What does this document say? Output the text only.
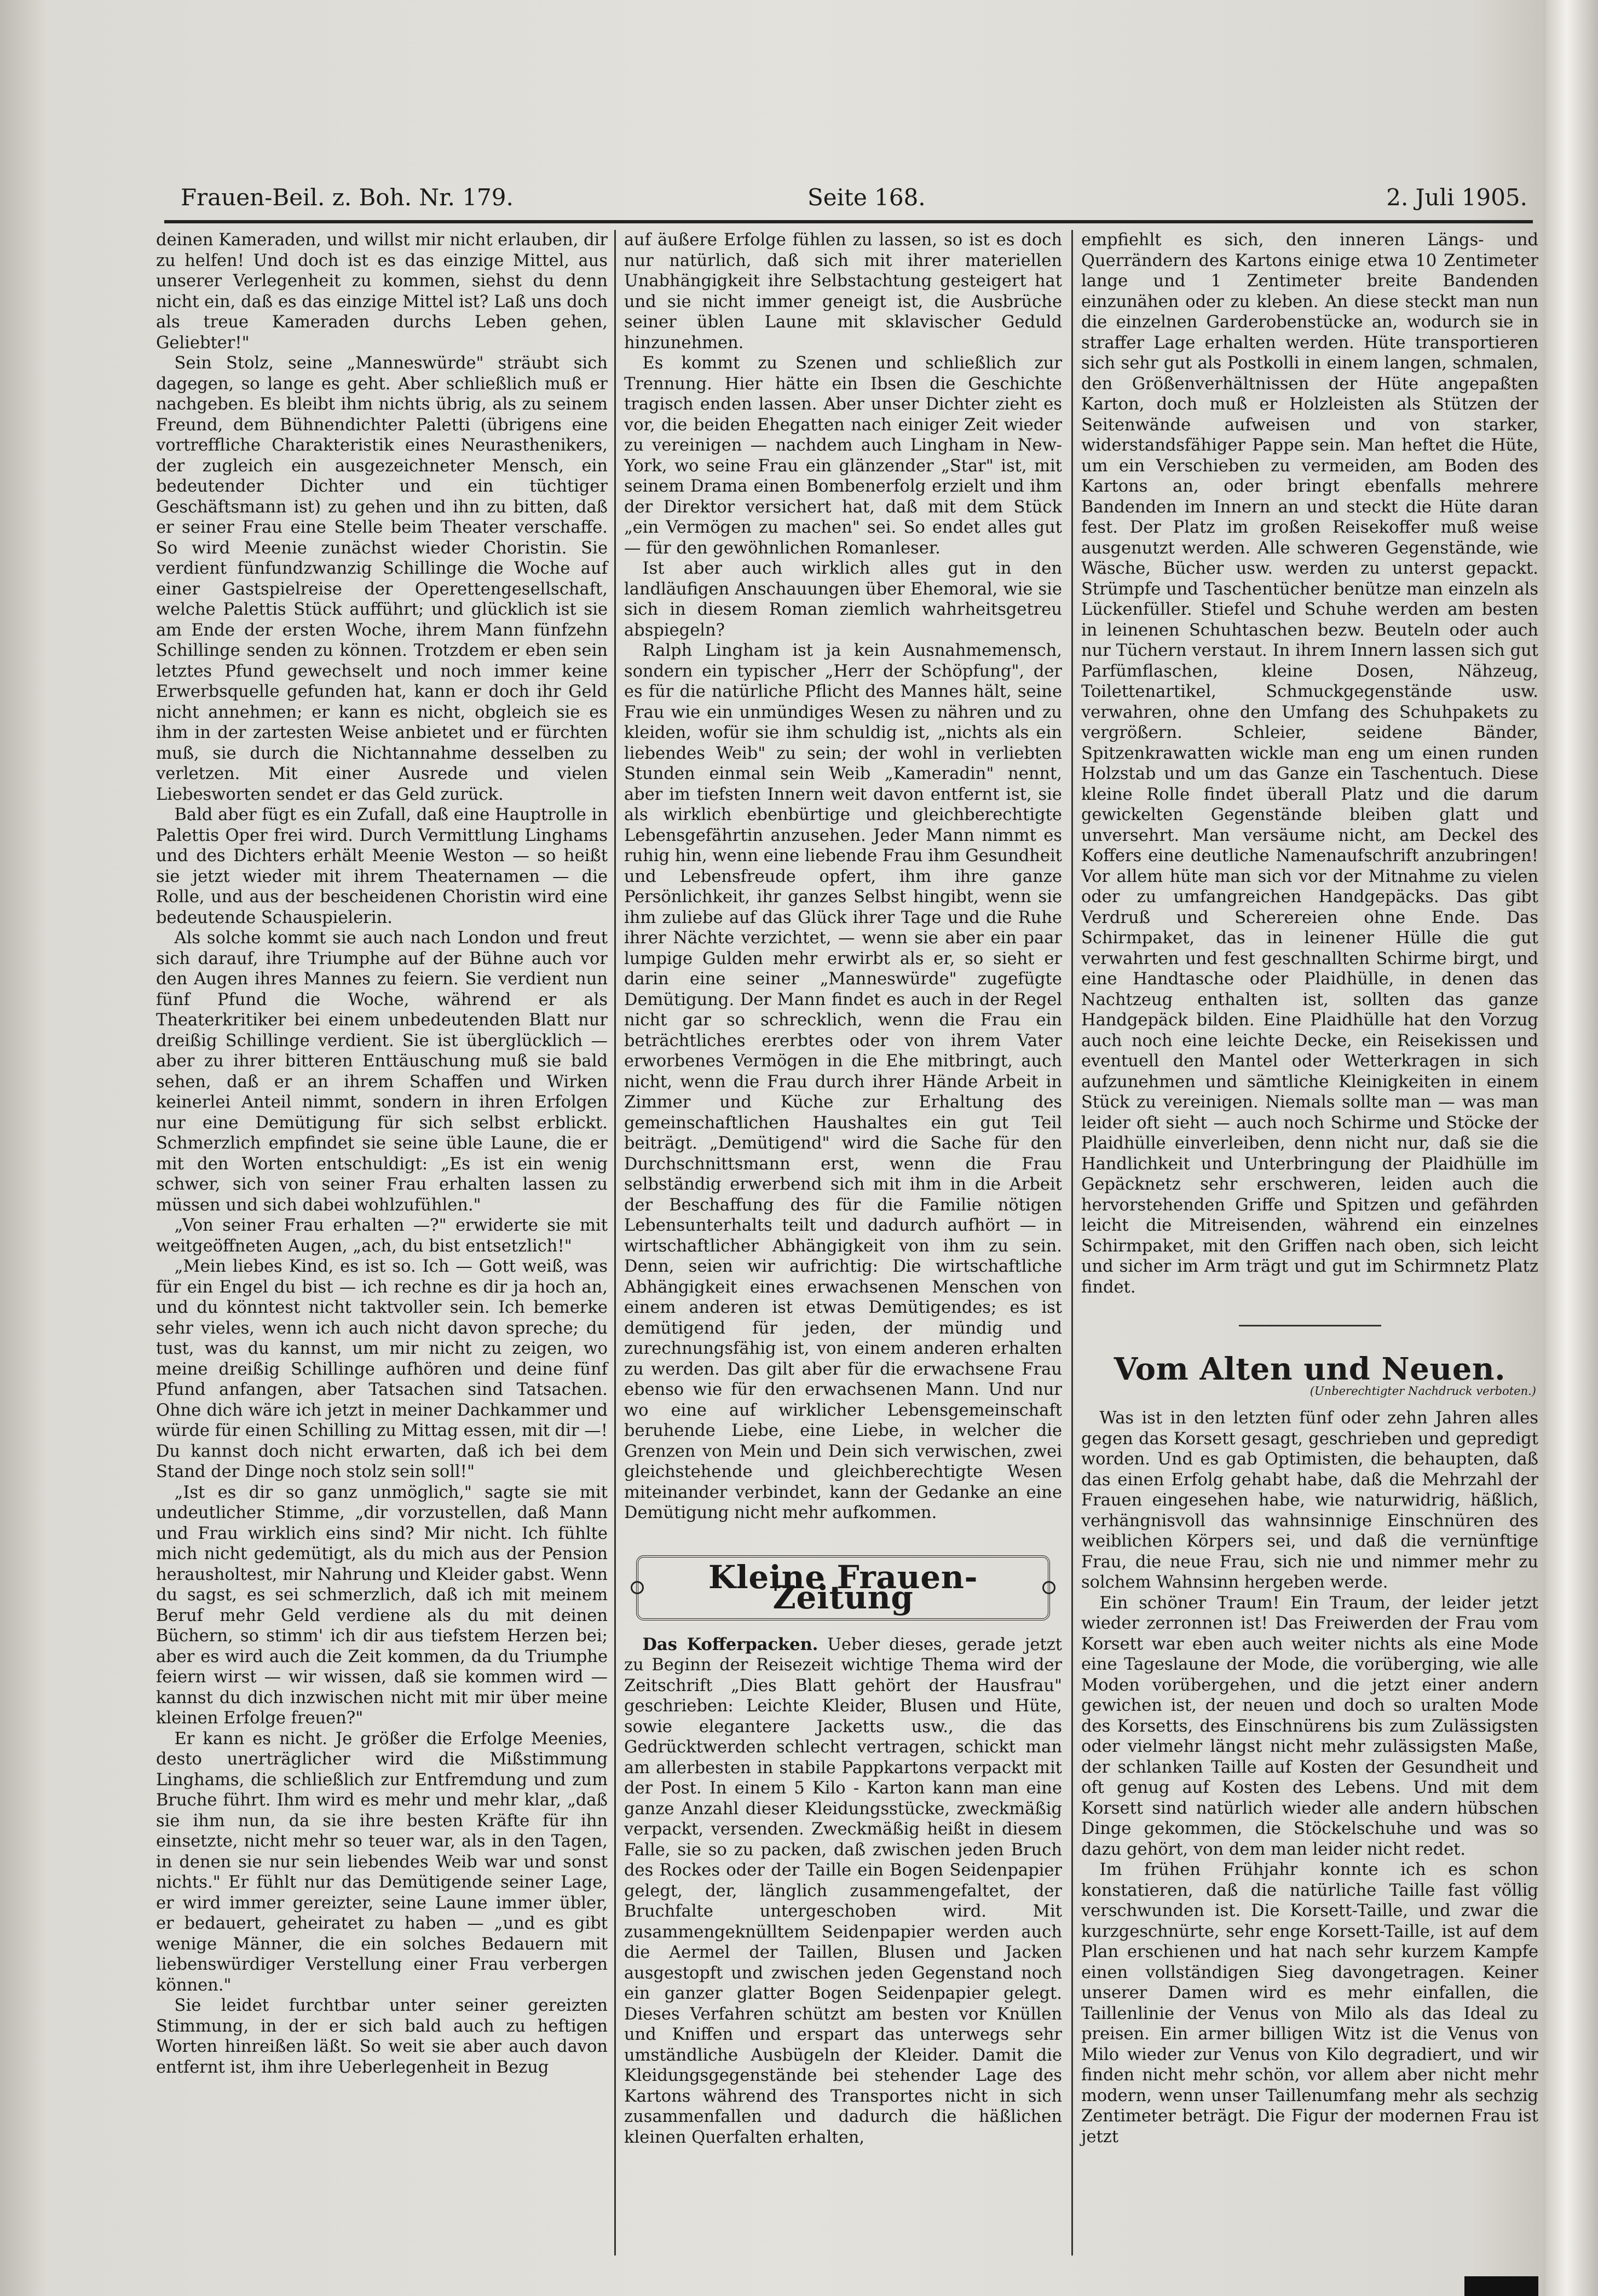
Frauen-Beil. z. Boh. Nr. 179.	Seite 168.	2. Juli 1905.

deinen Kameraden, und willst mir nicht erlauben, dir zu helfen! Und doch ist es das einzige Mittel, aus unserer Verlegenheit zu kommen, siehst du denn nicht ein, daß es das einzige Mittel ist? Laß uns doch als treue Kameraden durchs Leben gehen, Geliebter!"

Sein Stolz, seine „Manneswürde" sträubt sich dagegen, so lange es geht. Aber schließlich muß er nachgeben. Es bleibt ihm nichts übrig, als zu seinem Freund, dem Bühnendichter Paletti (übrigens eine vortreffliche Charakteristik eines Neurasthenikers, der zugleich ein ausgezeichneter Mensch, ein bedeutender Dichter und ein tüchtiger Geschäftsmann ist) zu gehen und ihn zu bitten, daß er seiner Frau eine Stelle beim Theater verschaffe. So wird Meenie zunächst wieder Choristin. Sie verdient fünfundzwanzig Schillinge die Woche auf einer Gastspielreise der Operettengesellschaft, welche Palettis Stück aufführt; und glücklich ist sie am Ende der ersten Woche, ihrem Mann fünfzehn Schillinge senden zu können. Trotzdem er eben sein letztes Pfund gewechselt und noch immer keine Erwerbsquelle gefunden hat, kann er doch ihr Geld nicht annehmen; er kann es nicht, obgleich sie es ihm in der zartesten Weise anbietet und er fürchten muß, sie durch die Nichtannahme desselben zu verletzen. Mit einer Ausrede und vielen Liebesworten sendet er das Geld zurück.

Bald aber fügt es ein Zufall, daß eine Hauptrolle in Palettis Oper frei wird. Durch Vermittlung Linghams und des Dichters erhält Meenie Weston — so heißt sie jetzt wieder mit ihrem Theaternamen — die Rolle, und aus der bescheidenen Choristin wird eine bedeutende Schauspielerin.

Als solche kommt sie auch nach London und freut sich darauf, ihre Triumphe auf der Bühne auch vor den Augen ihres Mannes zu feiern. Sie verdient nun fünf Pfund die Woche, während er als Theaterkritiker bei einem unbedeutenden Blatt nur dreißig Schillinge verdient. Sie ist überglücklich — aber zu ihrer bitteren Enttäuschung muß sie bald sehen, daß er an ihrem Schaffen und Wirken keinerlei Anteil nimmt, sondern in ihren Erfolgen nur eine Demütigung für sich selbst erblickt. Schmerzlich empfindet sie seine üble Laune, die er mit den Worten entschuldigt: „Es ist ein wenig schwer, sich von seiner Frau erhalten lassen zu müssen und sich dabei wohlzufühlen."

„Von seiner Frau erhalten —?" erwiderte sie mit weitgeöffneten Augen, „ach, du bist entsetzlich!"

„Mein liebes Kind, es ist so. Ich — Gott weiß, was für ein Engel du bist — ich rechne es dir ja hoch an, und du könntest nicht taktvoller sein. Ich bemerke sehr vieles, wenn ich auch nicht davon spreche; du tust, was du kannst, um mir nicht zu zeigen, wo meine dreißig Schillinge aufhören und deine fünf Pfund anfangen, aber Tatsachen sind Tatsachen. Ohne dich wäre ich jetzt in meiner Dachkammer und würde für einen Schilling zu Mittag essen, mit dir —! Du kannst doch nicht erwarten, daß ich bei dem Stand der Dinge noch stolz sein soll!"

„Ist es dir so ganz unmöglich," sagte sie mit undeutlicher Stimme, „dir vorzustellen, daß Mann und Frau wirklich eins sind? Mir nicht. Ich fühlte mich nicht gedemütigt, als du mich aus der Pension herausholtest, mir Nahrung und Kleider gabst. Wenn du sagst, es sei schmerzlich, daß ich mit meinem Beruf mehr Geld verdiene als du mit deinen Büchern, so stimm' ich dir aus tiefstem Herzen bei; aber es wird auch die Zeit kommen, da du Triumphe feiern wirst — wir wissen, daß sie kommen wird — kannst du dich inzwischen nicht mit mir über meine kleinen Erfolge freuen?"

Er kann es nicht. Je größer die Erfolge Meenies, desto unerträglicher wird die Mißstimmung Linghams, die schließlich zur Entfremdung und zum Bruche führt. Ihm wird es mehr und mehr klar, „daß sie ihm nun, da sie ihre besten Kräfte für ihn einsetzte, nicht mehr so teuer war, als in den Tagen, in denen sie nur sein liebendes Weib war und sonst nichts." Er fühlt nur das Demütigende seiner Lage, er wird immer gereizter, seine Laune immer übler, er bedauert, geheiratet zu haben — „und es gibt wenige Männer, die ein solches Bedauern mit liebenswürdiger Verstellung einer Frau verbergen können."

Sie leidet furchtbar unter seiner gereizten Stimmung, in der er sich bald auch zu heftigen Worten hinreißen läßt. So weit sie aber auch davon entfernt ist, ihm ihre Ueberlegenheit in Bezug

auf äußere Erfolge fühlen zu lassen, so ist es doch nur natürlich, daß sich mit ihrer materiellen Unabhängigkeit ihre Selbstachtung gesteigert hat und sie nicht immer geneigt ist, die Ausbrüche seiner üblen Laune mit sklavischer Geduld hinzunehmen.

Es kommt zu Szenen und schließlich zur Trennung. Hier hätte ein Ibsen die Geschichte tragisch enden lassen. Aber unser Dichter zieht es vor, die beiden Ehegatten nach einiger Zeit wieder zu vereinigen — nachdem auch Lingham in New-York, wo seine Frau ein glänzender „Star" ist, mit seinem Drama einen Bombenerfolg erzielt und ihm der Direktor versichert hat, daß mit dem Stück „ein Vermögen zu machen" sei. So endet alles gut — für den gewöhnlichen Romanleser.

Ist aber auch wirklich alles gut in den landläufigen Anschauungen über Ehemoral, wie sie sich in diesem Roman ziemlich wahrheitsgetreu abspiegeln?

Ralph Lingham ist ja kein Ausnahmemensch, sondern ein typischer „Herr der Schöpfung", der es für die natürliche Pflicht des Mannes hält, seine Frau wie ein unmündiges Wesen zu nähren und zu kleiden, wofür sie ihm schuldig ist, „nichts als ein liebendes Weib" zu sein; der wohl in verliebten Stunden einmal sein Weib „Kameradin" nennt, aber im tiefsten Innern weit davon entfernt ist, sie als wirklich ebenbürtige und gleichberechtigte Lebensgefährtin anzusehen. Jeder Mann nimmt es ruhig hin, wenn eine liebende Frau ihm Gesundheit und Lebensfreude opfert, ihm ihre ganze Persönlichkeit, ihr ganzes Selbst hingibt, wenn sie ihm zuliebe auf das Glück ihrer Tage und die Ruhe ihrer Nächte verzichtet, — wenn sie aber ein paar lumpige Gulden mehr erwirbt als er, so sieht er darin eine seiner „Manneswürde" zugefügte Demütigung. Der Mann findet es auch in der Regel nicht gar so schrecklich, wenn die Frau ein beträchtliches ererbtes oder von ihrem Vater erworbenes Vermögen in die Ehe mitbringt, auch nicht, wenn die Frau durch ihrer Hände Arbeit in Zimmer und Küche zur Erhaltung des gemeinschaftlichen Haushaltes ein gut Teil beiträgt. „Demütigend" wird die Sache für den Durchschnittsmann erst, wenn die Frau selbständig erwerbend sich mit ihm in die Arbeit der Beschaffung des für die Familie nötigen Lebensunterhalts teilt und dadurch aufhört — in wirtschaftlicher Abhängigkeit von ihm zu sein. Denn, seien wir aufrichtig: Die wirtschaftliche Abhängigkeit eines erwachsenen Menschen von einem anderen ist etwas Demütigendes; es ist demütigend für jeden, der mündig und zurechnungsfähig ist, von einem anderen erhalten zu werden. Das gilt aber für die erwachsene Frau ebenso wie für den erwachsenen Mann. Und nur wo eine auf wirklicher Lebensgemeinschaft beruhende Liebe, eine Liebe, in welcher die Grenzen von Mein und Dein sich verwischen, zwei gleichstehende und gleichberechtigte Wesen miteinander verbindet, kann der Gedanke an eine Demütigung nicht mehr aufkommen.

Kleine Frauen-Zeitung

Das Kofferpacken. Ueber dieses, gerade jetzt zu Beginn der Reisezeit wichtige Thema wird der Zeitschrift „Dies Blatt gehört der Hausfrau" geschrieben: Leichte Kleider, Blusen und Hüte, sowie elegantere Jacketts usw., die das Gedrücktwerden schlecht vertragen, schickt man am allerbesten in stabile Pappkartons verpackt mit der Post. In einem 5 Kilo - Karton kann man eine ganze Anzahl dieser Kleidungsstücke, zweckmäßig verpackt, versenden. Zweckmäßig heißt in diesem Falle, sie so zu packen, daß zwischen jeden Bruch des Rockes oder der Taille ein Bogen Seidenpapier gelegt, der, länglich zusammengefaltet, der Bruchfalte untergeschoben wird. Mit zusammengeknülltem Seidenpapier werden auch die Aermel der Taillen, Blusen und Jacken ausgestopft und zwischen jeden Gegenstand noch ein ganzer glatter Bogen Seidenpapier gelegt. Dieses Verfahren schützt am besten vor Knüllen und Kniffen und erspart das unterwegs sehr umständliche Ausbügeln der Kleider. Damit die Kleidungsgegenstände bei stehender Lage des Kartons während des Transportes nicht in sich zusammenfallen und dadurch die häßlichen kleinen Querfalten erhalten,

empfiehlt es sich, den inneren Längs- und Querrändern des Kartons einige etwa 10 Zentimeter lange und 1 Zentimeter breite Bandenden einzunähen oder zu kleben. An diese steckt man nun die einzelnen Garderobenstücke an, wodurch sie in straffer Lage erhalten werden. Hüte transportieren sich sehr gut als Postkolli in einem langen, schmalen, den Größenverhältnissen der Hüte angepaßten Karton, doch muß er Holzleisten als Stützen der Seitenwände aufweisen und von starker, widerstandsfähiger Pappe sein. Man heftet die Hüte, um ein Verschieben zu vermeiden, am Boden des Kartons an, oder bringt ebenfalls mehrere Bandenden im Innern an und steckt die Hüte daran fest. Der Platz im großen Reisekoffer muß weise ausgenutzt werden. Alle schweren Gegenstände, wie Wäsche, Bücher usw. werden zu unterst gepackt. Strümpfe und Taschentücher benütze man einzeln als Lückenfüller. Stiefel und Schuhe werden am besten in leinenen Schuhtaschen bezw. Beuteln oder auch nur Tüchern verstaut. In ihrem Innern lassen sich gut Parfümflaschen, kleine Dosen, Nähzeug, Toilettenartikel, Schmuckgegenstände usw. verwahren, ohne den Umfang des Schuhpakets zu vergrößern. Schleier, seidene Bänder, Spitzenkrawatten wickle man eng um einen runden Holzstab und um das Ganze ein Taschentuch. Diese kleine Rolle findet überall Platz und die darum gewickelten Gegenstände bleiben glatt und unversehrt. Man versäume nicht, am Deckel des Koffers eine deutliche Namenaufschrift anzubringen! Vor allem hüte man sich vor der Mitnahme zu vielen oder zu umfangreichen Handgepäcks. Das gibt Verdruß und Scherereien ohne Ende. Das Schirmpaket, das in leinener Hülle die gut verwahrten und fest geschnallten Schirme birgt, und eine Handtasche oder Plaidhülle, in denen das Nachtzeug enthalten ist, sollten das ganze Handgepäck bilden. Eine Plaidhülle hat den Vorzug auch noch eine leichte Decke, ein Reisekissen und eventuell den Mantel oder Wetterkragen in sich aufzunehmen und sämtliche Kleinigkeiten in einem Stück zu vereinigen. Niemals sollte man — was man leider oft sieht — auch noch Schirme und Stöcke der Plaidhülle einverleiben, denn nicht nur, daß sie die Handlichkeit und Unterbringung der Plaidhülle im Gepäcknetz sehr erschweren, leiden auch die hervorstehenden Griffe und Spitzen und gefährden leicht die Mitreisenden, während ein einzelnes Schirmpaket, mit den Griffen nach oben, sich leicht und sicher im Arm trägt und gut im Schirmnetz Platz findet.

Vom Alten und Neuen.
(Unberechtigter Nachdruck verboten.)

Was ist in den letzten fünf oder zehn Jahren alles gegen das Korsett gesagt, geschrieben und gepredigt worden. Und es gab Optimisten, die behaupten, daß das einen Erfolg gehabt habe, daß die Mehrzahl der Frauen eingesehen habe, wie naturwidrig, häßlich, verhängnisvoll das wahnsinnige Einschnüren des weiblichen Körpers sei, und daß die vernünftige Frau, die neue Frau, sich nie und nimmer mehr zu solchem Wahnsinn hergeben werde.

Ein schöner Traum! Ein Traum, der leider jetzt wieder zerronnen ist! Das Freiwerden der Frau vom Korsett war eben auch weiter nichts als eine Mode eine Tageslaune der Mode, die vorüberging, wie alle Moden vorübergehen, und die jetzt einer andern gewichen ist, der neuen und doch so uralten Mode des Korsetts, des Einschnürens bis zum Zulässigsten oder vielmehr längst nicht mehr zulässigsten Maße, der schlanken Taille auf Kosten der Gesundheit und oft genug auf Kosten des Lebens. Und mit dem Korsett sind natürlich wieder alle andern hübschen Dinge gekommen, die Stöckelschuhe und was so dazu gehört, von dem man leider nicht redet.

Im frühen Frühjahr konnte ich es schon konstatieren, daß die natürliche Taille fast völlig verschwunden ist. Die Korsett-Taille, und zwar die kurzgeschnürte, sehr enge Korsett-Taille, ist auf dem Plan erschienen und hat nach sehr kurzem Kampfe einen vollständigen Sieg davongetragen. Keiner unserer Damen wird es mehr einfallen, die Taillenlinie der Venus von Milo als das Ideal zu preisen. Ein armer billigen Witz ist die Venus von Milo wieder zur Venus von Kilo degradiert, und wir finden nicht mehr schön, vor allem aber nicht mehr modern, wenn unser Taillenumfang mehr als sechzig Zentimeter beträgt. Die Figur der modernen Frau ist jetzt
